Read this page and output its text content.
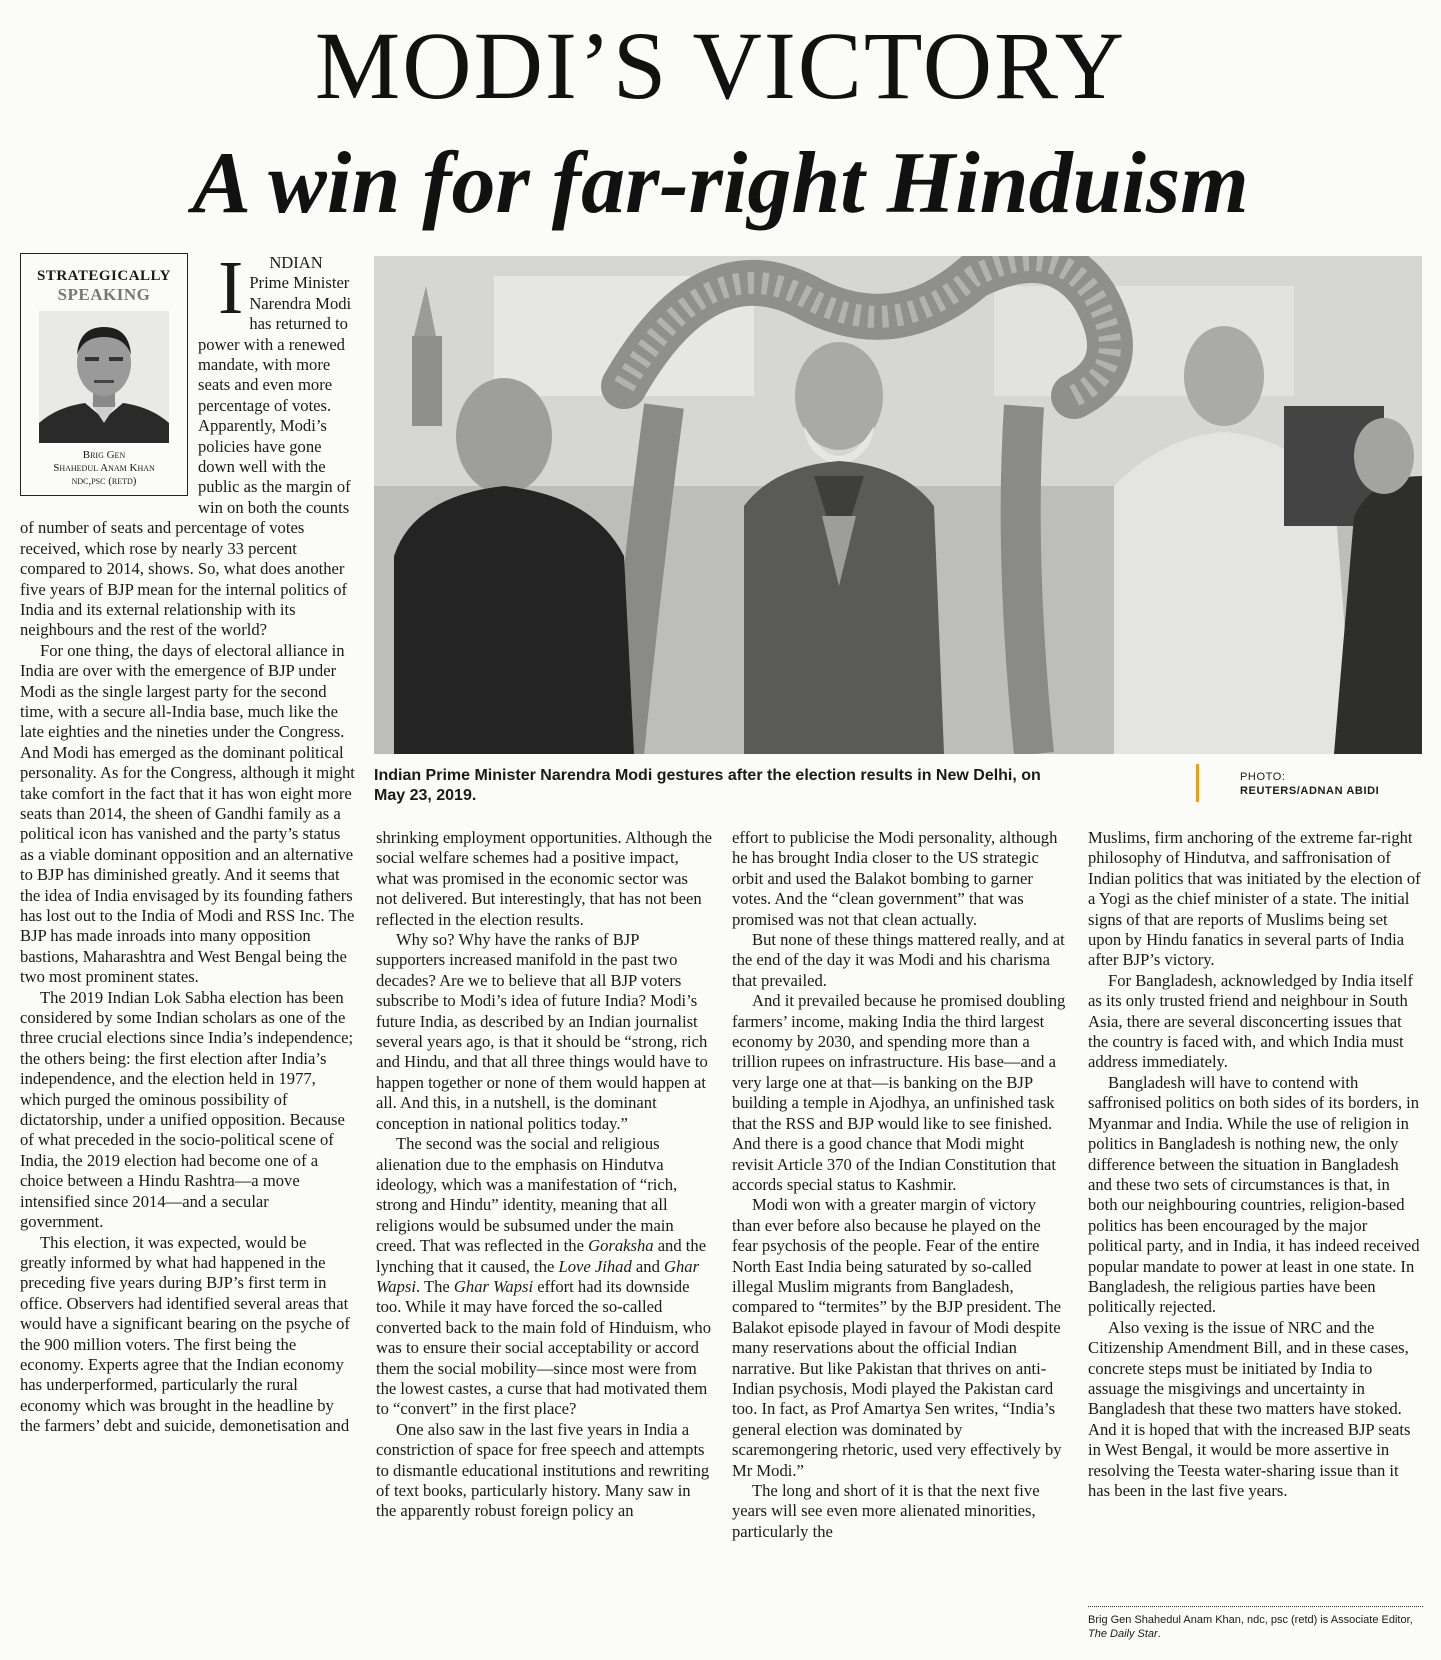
MODI’S VICTORY
A win for far-right Hinduism
STRATEGICALLY
SPEAKING
Brig Gen
Shahedul Anam Khan
ndc,psc (retd)

I	NDIAN Prime Minister Narendra Modi has returned to power with a renewed mandate, with more seats and even more percentage of votes. Apparently, Modi’s policies have gone down well with the public as the margin of win on both the counts of number of seats and percentage of votes received, which rose by nearly 33 percent compared to 2014, shows. So, what does another five years of BJP mean for the internal politics of India and its external relationship with its neighbours and the rest of the world?

For one thing, the days of electoral alliance in India are over with the emergence of BJP under Modi as the single largest party for the second time, with a secure all-India base, much like the late eighties and the nineties under the Congress. And Modi has emerged as the dominant political personality. As for the Congress, although it might take comfort in the fact that it has won eight more seats than 2014, the sheen of Gandhi family as a political icon has vanished and the party’s status as a viable dominant opposition and an alternative to BJP has diminished greatly. And it seems that the idea of India envisaged by its founding fathers has lost out to the India of Modi and RSS Inc. The BJP has made inroads into many opposition bastions, Maharashtra and West Bengal being the two most prominent states.

The 2019 Indian Lok Sabha election has been considered by some Indian scholars as one of the three crucial elections since India’s independence; the others being: the first election after India’s independence, and the election held in 1977, which purged the ominous possibility of dictatorship, under a unified opposition. Because of what preceded in the socio-political scene of India, the 2019 election had become one of a choice between a Hindu Rashtra—a move intensified since 2014—and a secular government.

This election, it was expected, would be greatly informed by what had happened in the preceding five years during BJP’s first term in office. Observers had identified several areas that would have a significant bearing on the psyche of the 900 million voters. The first being the economy. Experts agree that the Indian economy has underperformed, particularly the rural economy which was brought in the headline by the farmers’ debt and suicide, demonetisation and

Indian Prime Minister Narendra Modi gestures after the election results in New Delhi, on May 23, 2019.
PHOTO:
REUTERS/ADNAN ABIDI

shrinking employment opportunities. Although the social welfare schemes had a positive impact, what was promised in the economic sector was not delivered. But interestingly, that has not been reflected in the election results.

Why so? Why have the ranks of BJP supporters increased manifold in the past two decades? Are we to believe that all BJP voters subscribe to Modi’s idea of future India? Modi’s future India, as described by an Indian journalist several years ago, is that it should be “strong, rich and Hindu, and that all three things would have to happen together or none of them would happen at all. And this, in a nutshell, is the dominant conception in national politics today.”

The second was the social and religious alienation due to the emphasis on Hindutva ideology, which was a manifestation of “rich, strong and Hindu” identity, meaning that all religions would be subsumed under the main creed. That was reflected in the Goraksha and the lynching that it caused, the Love Jihad and Ghar Wapsi. The Ghar Wapsi effort had its downside too. While it may have forced the so-called converted back to the main fold of Hinduism, who was to ensure their social acceptability or accord them the social mobility—since most were from the lowest castes, a curse that had motivated them to “convert” in the first place?

One also saw in the last five years in India a constriction of space for free speech and attempts to dismantle educational institutions and rewriting of text books, particularly history. Many saw in the apparently robust foreign policy an

effort to publicise the Modi personality, although he has brought India closer to the US strategic orbit and used the Balakot bombing to garner votes. And the “clean government” that was promised was not that clean actually.

But none of these things mattered really, and at the end of the day it was Modi and his charisma that prevailed.

And it prevailed because he promised doubling farmers’ income, making India the third largest economy by 2030, and spending more than a trillion rupees on infrastructure. His base—and a very large one at that—is banking on the BJP building a temple in Ajodhya, an unfinished task that the RSS and BJP would like to see finished. And there is a good chance that Modi might revisit Article 370 of the Indian Constitution that accords special status to Kashmir.

Modi won with a greater margin of victory than ever before also because he played on the fear psychosis of the people. Fear of the entire North East India being saturated by so-called illegal Muslim migrants from Bangladesh, compared to “termites” by the BJP president. The Balakot episode played in favour of Modi despite many reservations about the official Indian narrative. But like Pakistan that thrives on anti-Indian psychosis, Modi played the Pakistan card too. In fact, as Prof Amartya Sen writes, “India’s general election was dominated by scaremongering rhetoric, used very effectively by Mr Modi.”

The long and short of it is that the next five years will see even more alienated minorities, particularly the

Muslims, firm anchoring of the extreme far-right philosophy of Hindutva, and saffronisation of Indian politics that was initiated by the election of a Yogi as the chief minister of a state. The initial signs of that are reports of Muslims being set upon by Hindu fanatics in several parts of India after BJP’s victory.

For Bangladesh, acknowledged by India itself as its only trusted friend and neighbour in South Asia, there are several disconcerting issues that the country is faced with, and which India must address immediately.

Bangladesh will have to contend with saffronised politics on both sides of its borders, in Myanmar and India. While the use of religion in politics in Bangladesh is nothing new, the only difference between the situation in Bangladesh and these two sets of circumstances is that, in both our neighbouring countries, religion-based politics has been encouraged by the major political party, and in India, it has indeed received popular mandate to power at least in one state. In Bangladesh, the religious parties have been politically rejected.

Also vexing is the issue of NRC and the Citizenship Amendment Bill, and in these cases, concrete steps must be initiated by India to assuage the misgivings and uncertainty in Bangladesh that these two matters have stoked. And it is hoped that with the increased BJP seats in West Bengal, it would be more assertive in resolving the Teesta water-sharing issue than it has been in the last five years.

Brig Gen Shahedul Anam Khan, ndc, psc (retd) is Associate Editor, The Daily Star.
